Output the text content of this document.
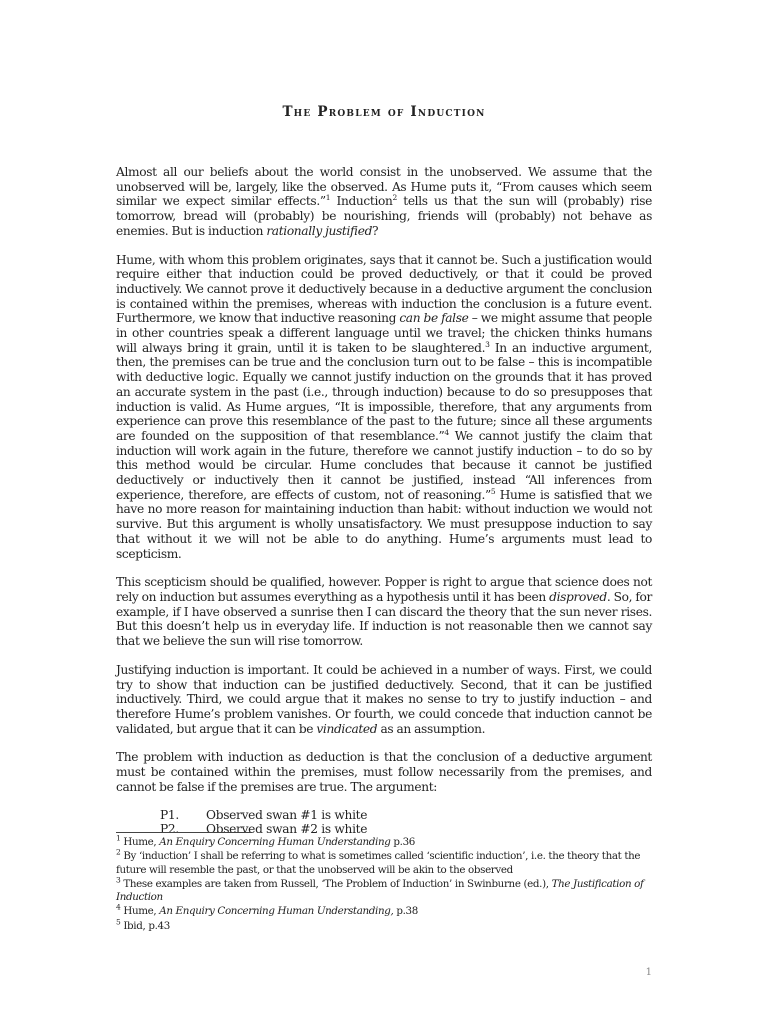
The Problem of Induction

Almost all our beliefs about the world consist in the unobserved. We assume that the unobserved will be, largely, like the observed. As Hume puts it, “From causes which seem similar we expect similar effects.”$^1$ Induction$^2$ tells us that the sun will (probably) rise tomorrow, bread will (probably) be nourishing, friends will (probably) not behave as enemies. But is induction rationally justified?

Hume, with whom this problem originates, says that it cannot be. Such a justification would require either that induction could be proved deductively, or that it could be proved inductively. We cannot prove it deductively because in a deductive argument the conclusion is contained within the premises, whereas with induction the conclusion is a future event. Furthermore, we know that inductive reasoning can be false – we might assume that people in other countries speak a different language until we travel; the chicken thinks humans will always bring it grain, until it is taken to be slaughtered.$^3$ In an inductive argument, then, the premises can be true and the conclusion turn out to be false – this is incompatible with deductive logic. Equally we cannot justify induction on the grounds that it has proved an accurate system in the past (i.e., through induction) because to do so presupposes that induction is valid. As Hume argues, “It is impossible, therefore, that any arguments from experience can prove this resemblance of the past to the future; since all these arguments are founded on the supposition of that resemblance.”$^4$ We cannot justify the claim that induction will work again in the future, therefore we cannot justify induction – to do so by this method would be circular. Hume concludes that because it cannot be justified deductively or inductively then it cannot be justified, instead “All inferences from experience, therefore, are effects of custom, not of reasoning.”$^5$ Hume is satisfied that we have no more reason for maintaining induction than habit: without induction we would not survive. But this argument is wholly unsatisfactory. We must presuppose induction to say that without it we will not be able to do anything. Hume’s arguments must lead to scepticism.

This scepticism should be qualified, however. Popper is right to argue that science does not rely on induction but assumes everything as a hypothesis until it has been disproved. So, for example, if I have observed a sunrise then I can discard the theory that the sun never rises. But this doesn’t help us in everyday life. If induction is not reasonable then we cannot say that we believe the sun will rise tomorrow.

Justifying induction is important. It could be achieved in a number of ways. First, we could try to show that induction can be justified deductively. Second, that it can be justified inductively. Third, we could argue that it makes no sense to try to justify induction – and therefore Hume’s problem vanishes. Or fourth, we could concede that induction cannot be validated, but argue that it can be vindicated as an assumption.

The problem with induction as deduction is that the conclusion of a deductive argument must be contained within the premises, must follow necessarily from the premises, and cannot be false if the premises are true. The argument:

P1.	Observed swan #1 is white
P2.	Observed swan #2 is white
$^1$ Hume, An Enquiry Concerning Human Understanding p.36
$^2$ By ‘induction’ I shall be referring to what is sometimes called ‘scientific induction’, i.e. the theory that the future will resemble the past, or that the unobserved will be akin to the observed
$^3$ These examples are taken from Russell, ‘The Problem of Induction’ in Swinburne (ed.), The Justification of Induction
$^4$ Hume, An Enquiry Concerning Human Understanding, p.38
$^5$ Ibid, p.43
1
